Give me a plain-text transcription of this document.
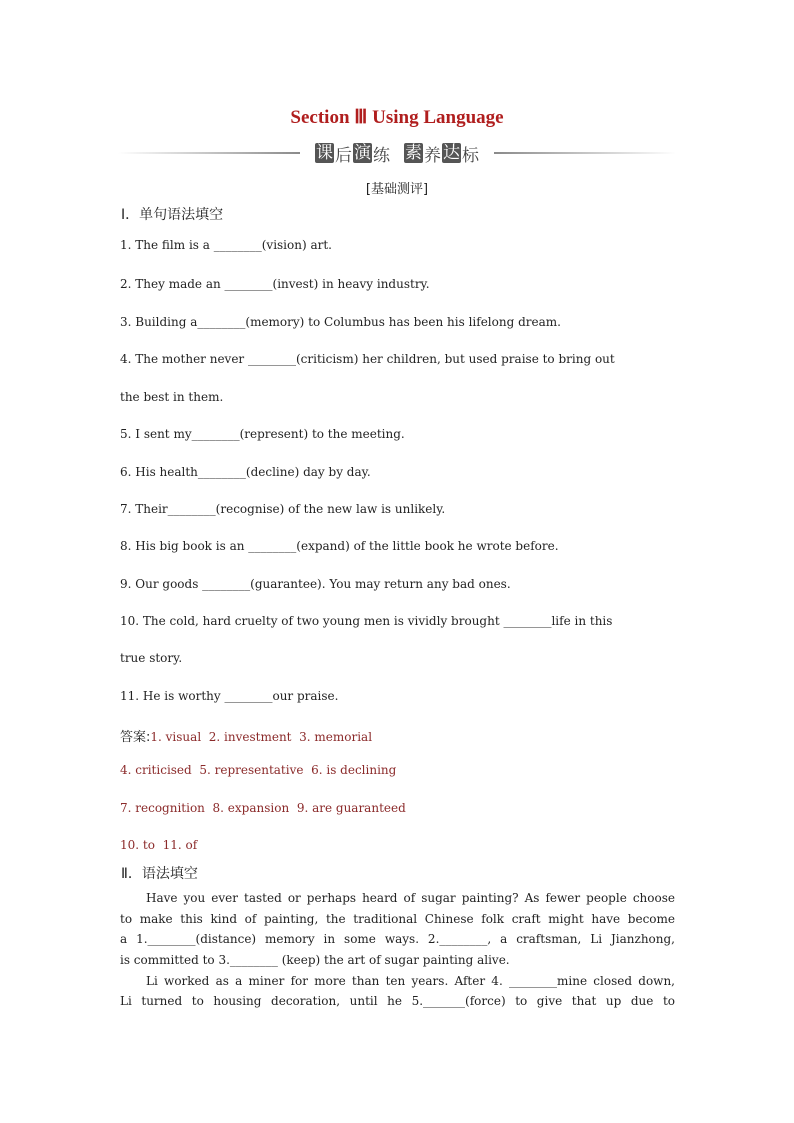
Section Ⅲ Using Language
课 后 演 练 素 养 达 标
[基础测评]
Ⅰ．单句语法填空
1. The film is a ________(vision) art.
2. They made an ________(invest) in heavy industry.
3. Building a________(memory) to Columbus has been his lifelong dream.
4. The mother never ________(criticism) her children, but used praise to bring out
the best in them.
5. I sent my________(represent) to the meeting.
6. His health________(decline) day by day.
7. Their________(recognise) of the new law is unlikely.
8. His big book is an ________(expand) of the little book he wrote before.
9. Our goods ________(guarantee). You may return any bad ones.
10. The cold, hard cruelty of two young men is vividly brought ________life in this
true story.
11. He is worthy ________our praise.
答案:1. visual  2. investment  3. memorial
4. criticised  5. representative  6. is declining
7. recognition  8. expansion  9. are guaranteed
10. to  11. of
Ⅱ．语法填空
Have you ever tasted or perhaps heard of sugar painting? As fewer people choose
to make this kind of painting, the traditional Chinese folk craft might have become
a 1.________(distance) memory in some ways. 2.________, a craftsman, Li Jianzhong,
is committed to 3.________ (keep) the art of sugar painting alive.
Li worked as a miner for more than ten years. After 4. ________mine closed down,
Li turned to housing decoration, until he 5._______(force) to give that up due to
